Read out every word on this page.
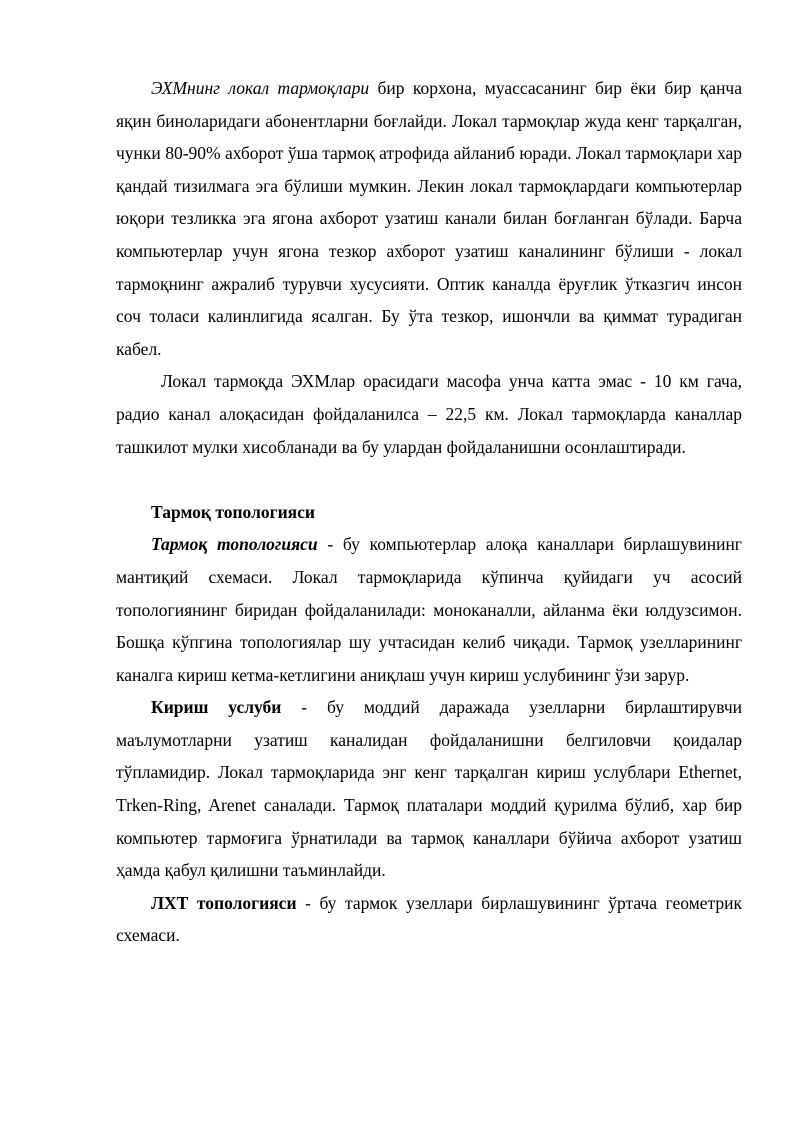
ЭХМнинг локал тармоқлари бир корхона, муассасанинг бир ёки бир қанча яқин биноларидаги абонентларни боғлайди. Локал тармоқлар жуда кенг тарқалган, чунки 80-90% ахборот ўша тармоқ атрофида айланиб юради. Локал тармоқлари хар қандай тизилмага эга бўлиши мумкин. Лекин локал тармоқлардаги компьютерлар юқори тезликка эга ягона ахборот узатиш канали билан боғланган бўлади. Барча компьютерлар учун ягона тезкор ахборот узатиш каналининг бўлиши - локал тармоқнинг ажралиб турувчи хусусияти. Оптик каналда ёруғлик ўтказгич инсон соч толаси калинлигида ясалган. Бу ўта тезкор, ишончли ва қиммат турадиган кабел.

Локал тармоқда ЭХМлар орасидаги масофа унча катта эмас - 10 км гача, радио канал алоқасидан фойдаланилса – 22,5 км. Локал тармоқларда каналлар ташкилот мулки хисобланади ва бу улардан фойдаланишни осонлаштиради.

Тармоқ топологияси

Тармоқ топологияси - бу компьютерлар алоқа каналлари бирлашувининг мантиқий схемаси. Локал тармоқларида кўпинча қуйидаги уч асосий топологиянинг биридан фойдаланилади: моноканалли, айланма ёки юлдузсимон. Бошқа кўпгина топологиялар шу учтасидан келиб чиқади. Тармоқ узелларининг каналга кириш кетма-кетлигини аниқлаш учун кириш услубининг ўзи зарур.

Кириш услуби - бу моддий даражада узелларни бирлаштирувчи маълумотларни узатиш каналидан фойдаланишни белгиловчи қоидалар тўпламидир. Локал тармоқларида энг кенг тарқалган кириш услублари Ethernet, Trken-Ring, Arenet саналади. Тармоқ платалари моддий қурилма бўлиб, хар бир компьютер тармоғига ўрнатилади ва тармоқ каналлари бўйича ахборот узатиш ҳамда қабул қилишни таъминлайди.

ЛХТ топологияси - бу тармок узеллари бирлашувининг ўртача геометрик схемаси.
